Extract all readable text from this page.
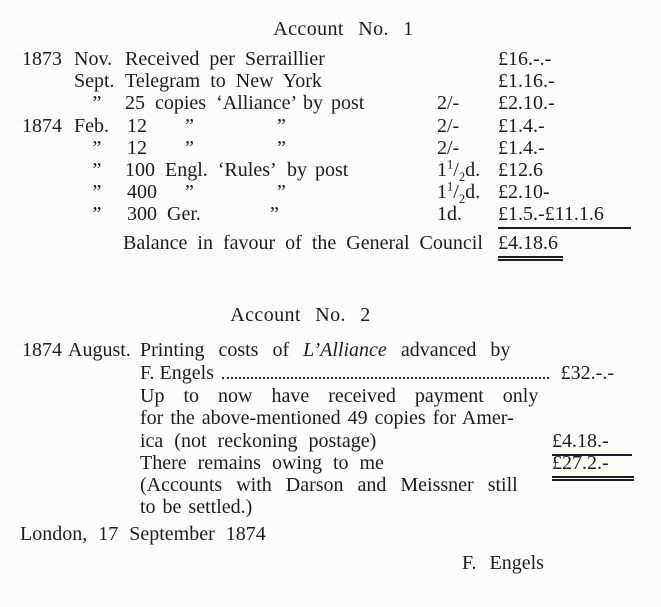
Account No. 1
1873 Nov. Received per Serraillier	£16.-.-
Sept. Telegram to New York	£1.16.-
”	25 copies ‘Alliance’ by post	2/- £2.10.-
1874 Feb. 12 ”	”	2/- £1.4.-
”	12 ”	”	2/- £1.4.-
”	100 Engl. ‘Rules’ by post	$1^1/_2d$. £12.6
”	400 ”	”	$1^1/_2d$. £2.10-
”	300 Ger.	”	1d. £1.5.-£11.1.6
Balance in favour of the General Council £4.18.6
Account No. 2
1874 August. Printing costs of L’Alliance advanced by
F. Engels	£32.-.-
Up to now have received payment only
for the above-mentioned 49 copies for Amer-
ica (not reckoning postage)	£4.18.-
There remains owing to me	£27.2.-
(Accounts with Darson and Meissner still
to be settled.)
London, 17 September 1874
F. Engels
